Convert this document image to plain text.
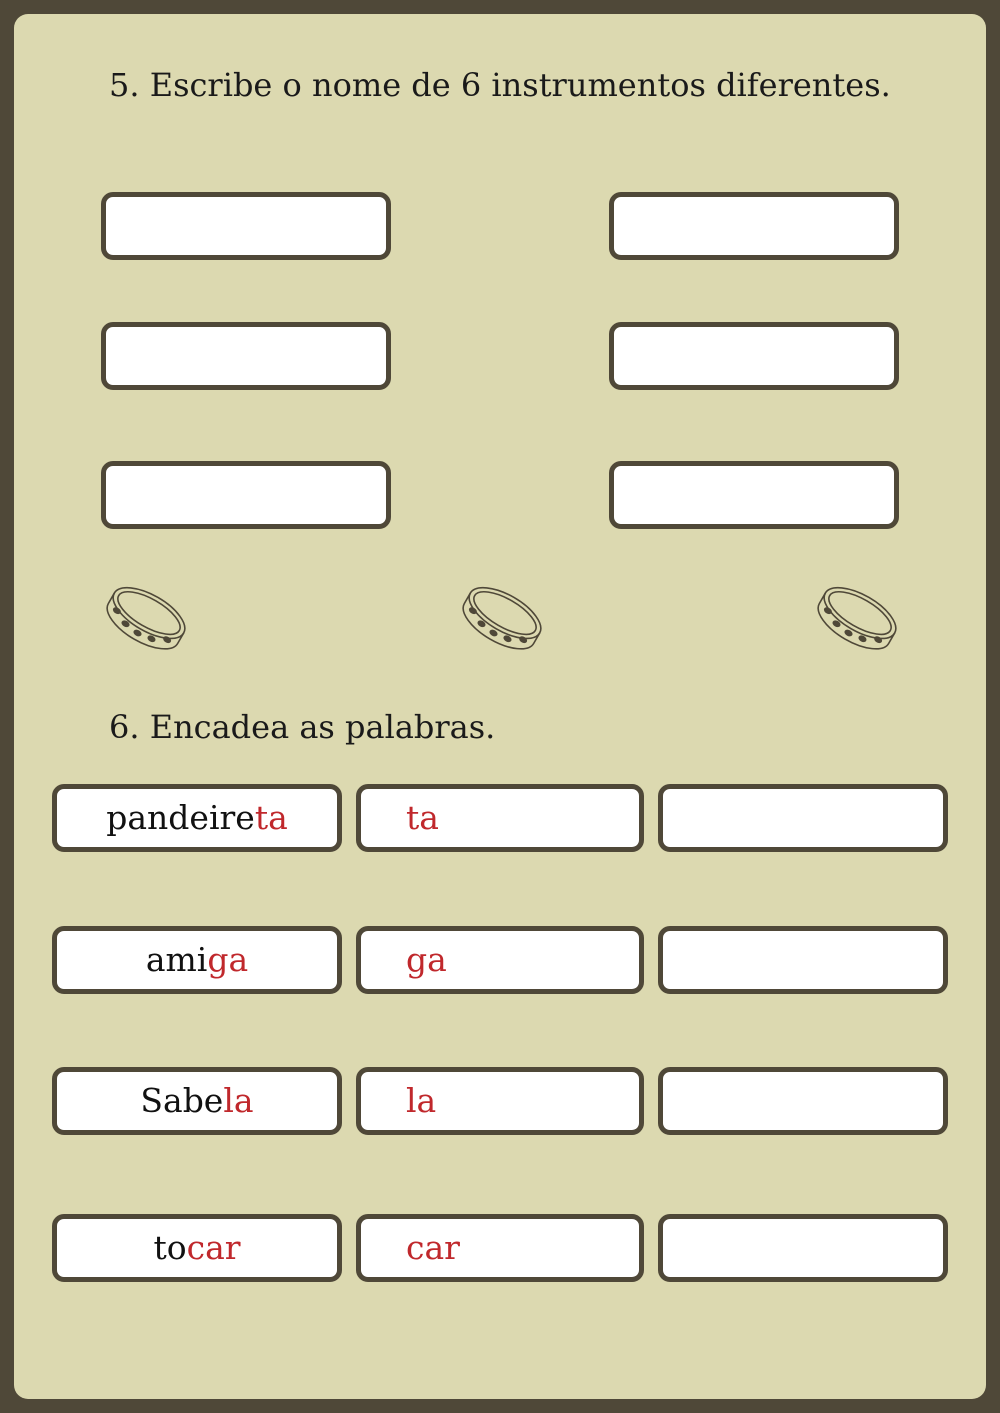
5. Escribe o nome de 6 instrumentos diferentes.
6. Encadea as palabras.
pandeireta	ta
amiga	ga
Sabela	la
tocar	car
